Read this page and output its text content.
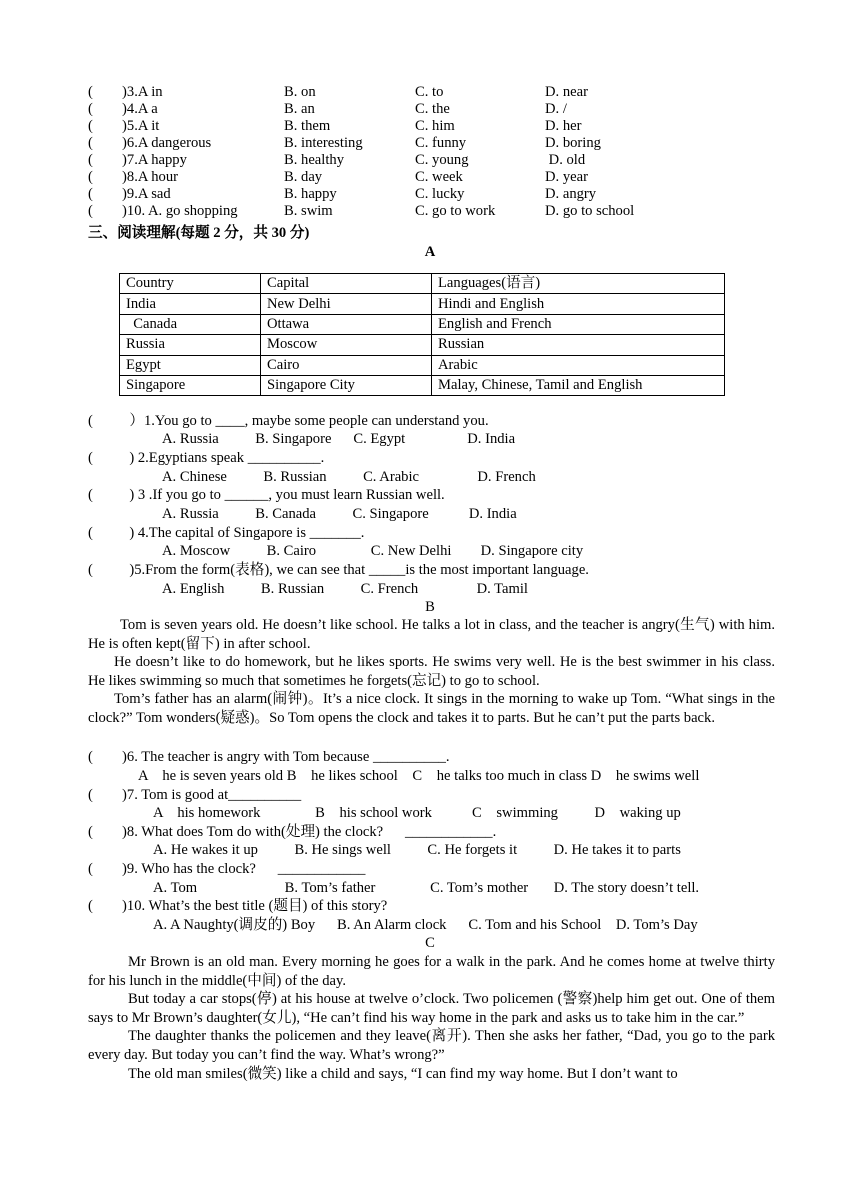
(        )3.A in	B. on	C. to	D. near
(        )4.A a	B. an	C. the	D. /
(        )5.A it	B. them	C. him	D. her
(        )6.A dangerous	B. interesting	C. funny	D. boring
(        )7.A happy	B. healthy	C. young	D. old
(        )8.A hour	B. day	C. week	D. year
(        )9.A sad	B. happy	C. lucky	D. angry
(        )10. A. go shopping	B. swim	C. go to work	D. go to school
三、阅读理解(每题 2 分，共 30 分)
A
Country	Capital	Languages(语言)
India	New Delhi	Hindi and English
Canada	Ottawa	English and French
Russia	Moscow	Russian
Egypt	Cairo	Arabic
Singapore	Singapore City	Malay, Chinese, Tamil and English
(          ）1.You go to ____, maybe some people can understand you.
A. Russia          B. Singapore      C. Egypt                 D. India
(          ) 2.Egyptians speak __________.
A. Chinese          B. Russian          C. Arabic                D. French
(          ) 3 .If you go to ______, you must learn Russian well.
A. Russia          B. Canada          C. Singapore           D. India
(          ) 4.The capital of Singapore is _______.
A. Moscow          B. Cairo               C. New Delhi        D. Singapore city
(          )5.From the form(表格), we can see that _____is the most important language.
A. English          B. Russian          C. French                D. Tamil
B

Tom is seven years old. He doesn’t like school. He talks a lot in class, and the teacher is angry(生气) with him. He is often kept(留下) in after school.

He doesn’t like to do homework, but he likes sports. He swims very well. He is the best swimmer in his class. He likes swimming so much that sometimes he forgets(忘记) to go to school.

Tom’s father has an alarm(闹钟)。It’s a nice clock. It sings in the morning to wake up Tom. “What sings in the clock?” Tom wonders(疑惑)。So Tom opens the clock and takes it to parts. But he can’t put the parts back.

(        )6. The teacher is angry with Tom because __________.
A    he is seven years old B    he likes school    C    he talks too much in class D    he swims well
(        )7. Tom is good at__________
A    his homework               B    his school work           C    swimming          D    waking up
(        )8. What does Tom do with(处理) the clock?      ____________.
A. He wakes it up          B. He sings well          C. He forgets it          D. He takes it to parts
(        )9. Who has the clock?      ____________
A. Tom                        B. Tom’s father               C. Tom’s mother       D. The story doesn’t tell.
(        )10. What’s the best title (题目) of this story?
A. A Naughty(调皮的) Boy      B. An Alarm clock      C. Tom and his School    D. Tom’s Day
C

Mr Brown is an old man. Every morning he goes for a walk in the park. And he comes home at twelve thirty for his lunch in the middle(中间) of the day.

But today a car stops(停) at his house at twelve o’clock. Two policemen (警察)help him get out. One of them says to Mr Brown’s daughter(女儿), “He can’t find his way home in the park and asks us to take him in the car.”

The daughter thanks the policemen and they leave(离开). Then she asks her father, “Dad, you go to the park every day. But today you can’t find the way. What’s wrong?”

The old man smiles(微笑) like a child and says, “I can find my way home. But I don’t want to
